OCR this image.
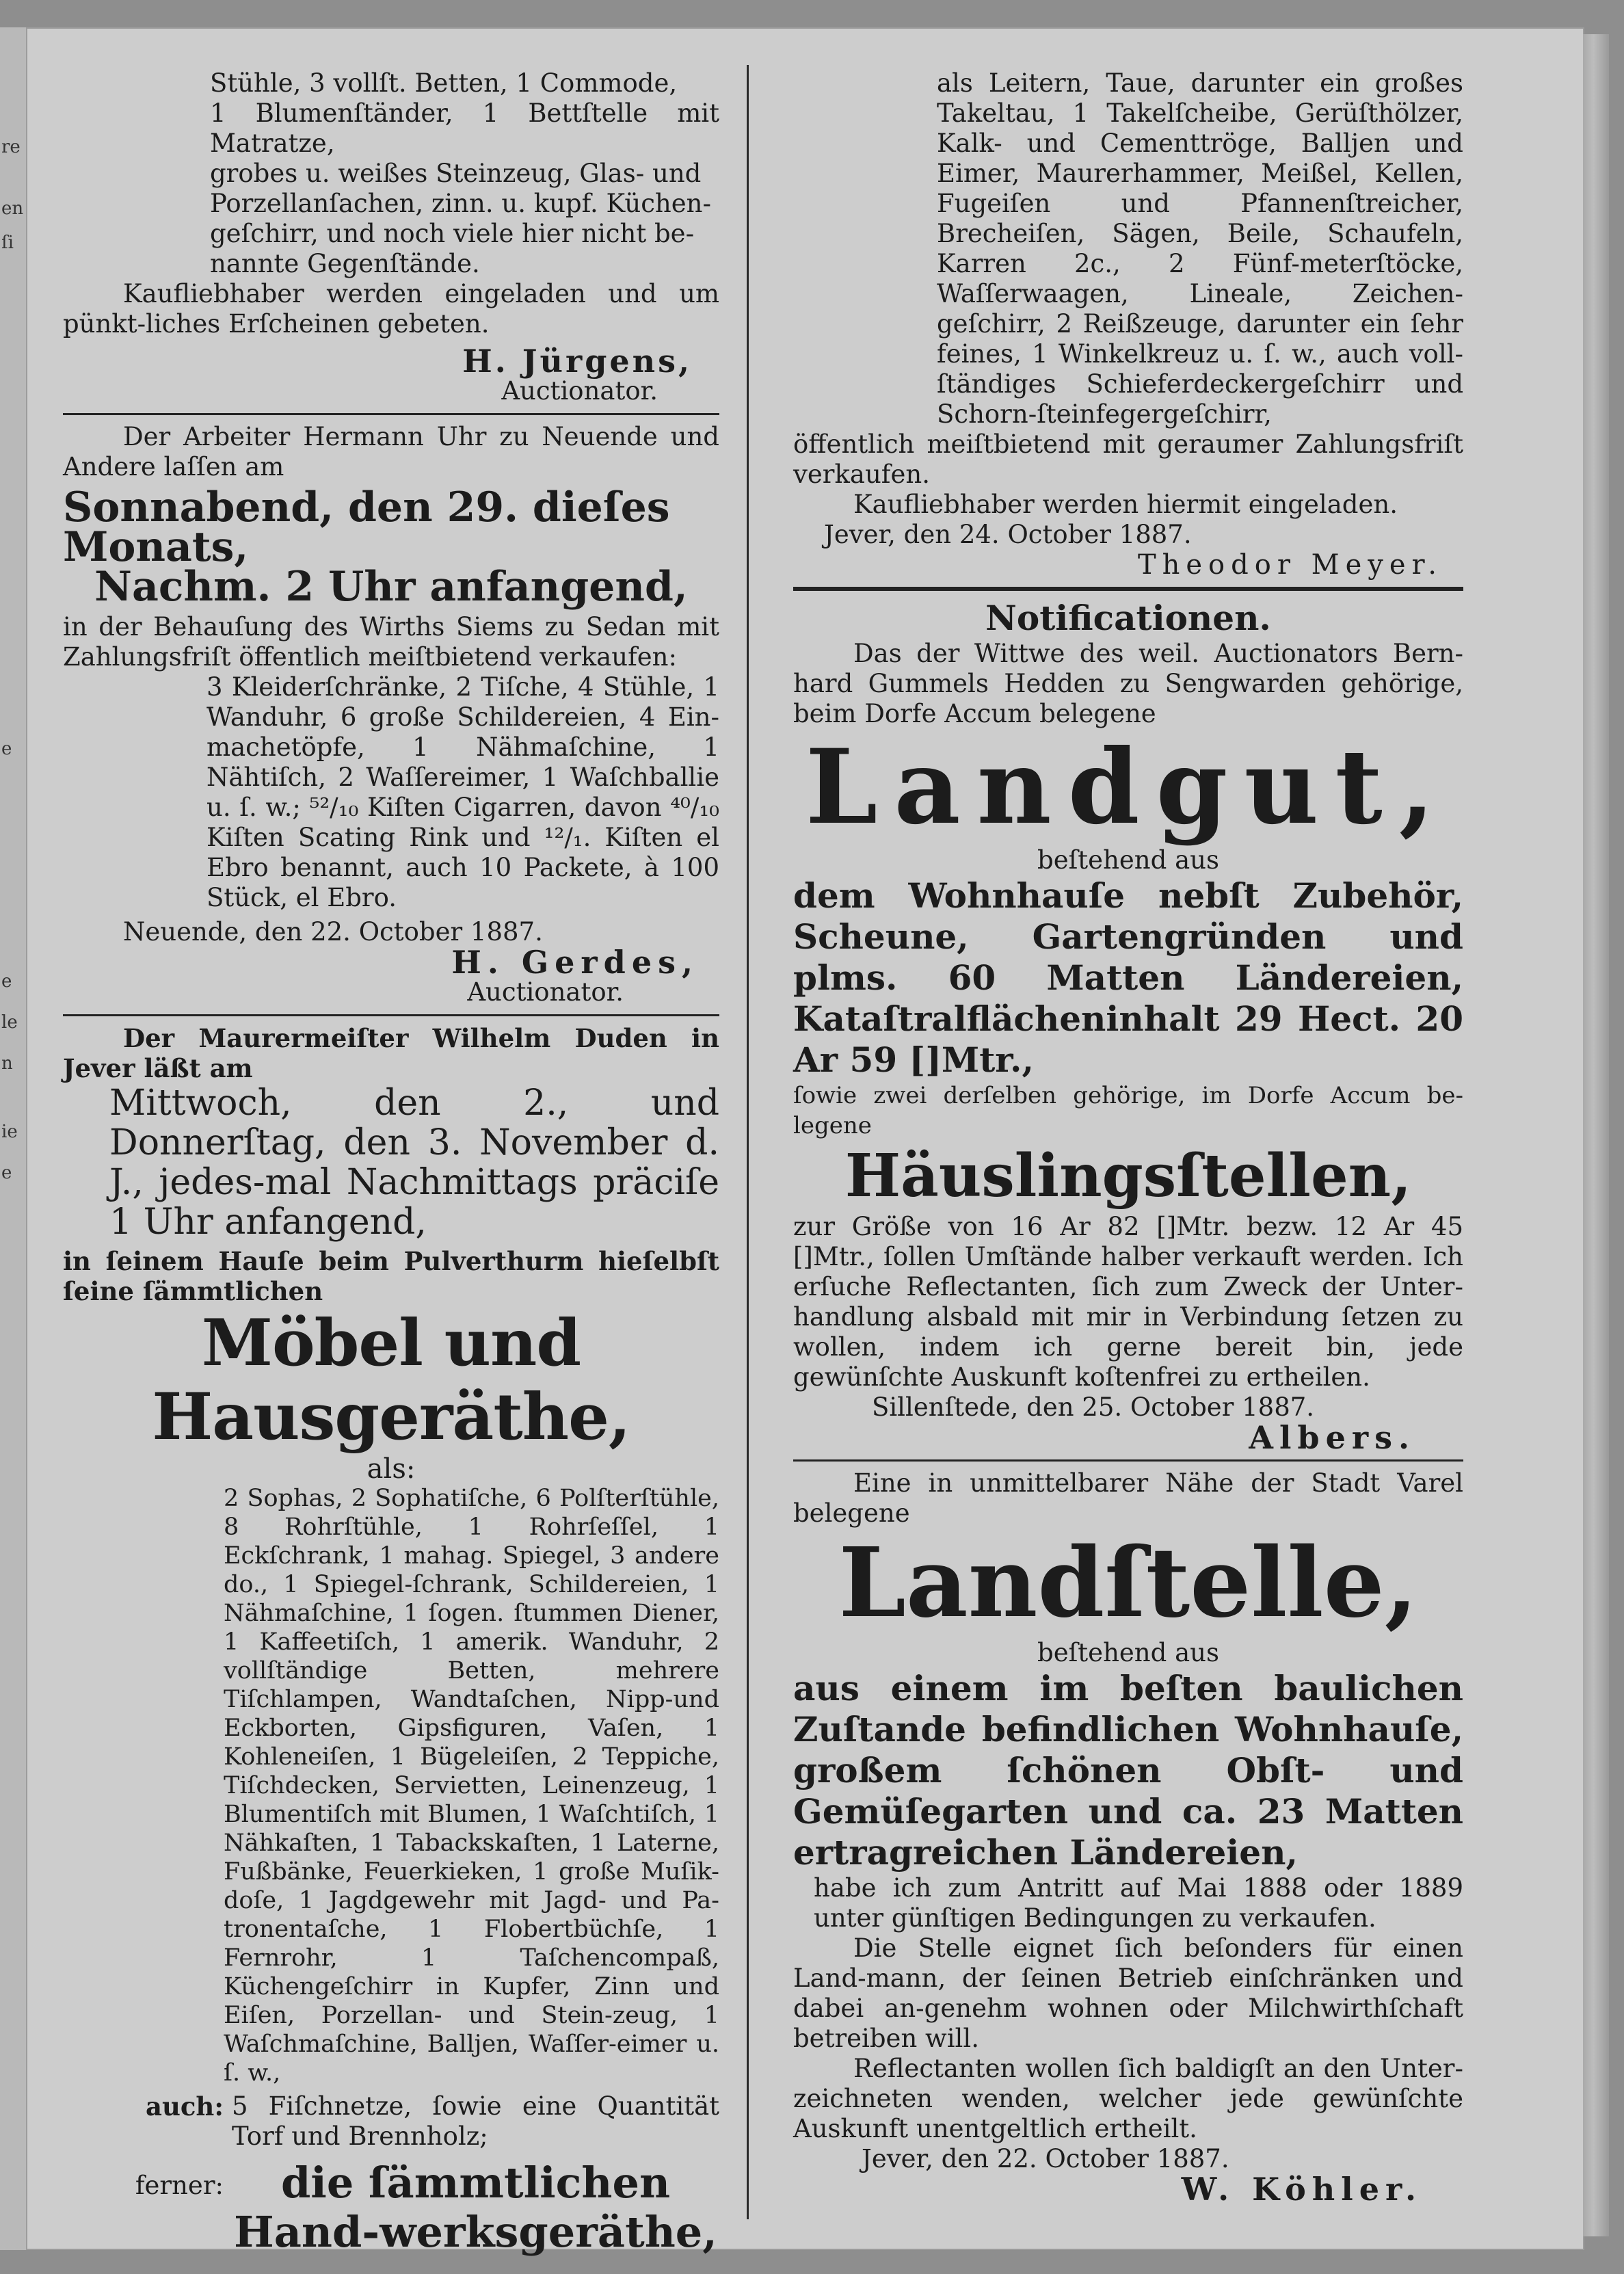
re
en
ſi
e
e
le
n
ie
e

Stühle, 3 vollſt. Betten, 1 Commode,

1 Blumenſtänder, 1 Bettſtelle mit Matratze,

grobes u. weißes Steinzeug, Glas- und

Porzellanſachen, zinn. u. kupf. Küchen-

geſchirr, und noch viele hier nicht be-

nannte Gegenſtände.

Kaufliebhaber werden eingeladen und um pünkt-liches Erſcheinen gebeten.

H. Jürgens,

Auctionator.

Der Arbeiter Hermann Uhr zu Neuende und Andere laſſen am

Sonnabend, den 29. dieſes Monats,

Nachm. 2 Uhr anfangend,

in der Behauſung des Wirths Siems zu Sedan mit Zahlungsfriſt öffentlich meiſtbietend verkaufen:

3 Kleiderſchränke, 2 Tiſche, 4 Stühle, 1 Wanduhr, 6 große Schildereien, 4 Ein-machetöpfe, 1 Nähmaſchine, 1 Nähtiſch, 2 Waſſereimer, 1 Waſchballie u. ſ. w.; ⁵²/₁₀ Kiſten Cigarren, davon ⁴⁰/₁₀ Kiſten Scating Rink und ¹²/₁. Kiſten el Ebro benannt, auch 10 Packete, à 100 Stück, el Ebro.

Neuende, den 22. October 1887.

H. Gerdes,

Auctionator.

Der Maurermeiſter Wilhelm Duden in Jever läßt am

Mittwoch, den 2., und Donnerſtag, den 3. November d. J., jedes-mal Nachmittags präciſe 1 Uhr anfangend,

in ſeinem Hauſe beim Pulverthurm hieſelbſt ſeine ſämmtlichen

Möbel und Hausgeräthe,

als:

2 Sophas, 2 Sophatiſche, 6 Polſterſtühle, 8 Rohrſtühle, 1 Rohrſeſſel, 1 Eckſchrank, 1 mahag. Spiegel, 3 andere do., 1 Spiegel-ſchrank, Schildereien, 1 Nähmaſchine, 1 ſogen. ſtummen Diener, 1 Kaffeetiſch, 1 amerik. Wanduhr, 2 vollſtändige Betten, mehrere Tiſchlampen, Wandtaſchen, Nipp-und Eckborten, Gipsfiguren, Vaſen, 1 Kohleneiſen, 1 Bügeleiſen, 2 Teppiche, Tiſchdecken, Servietten, Leinenzeug, 1 Blumentiſch mit Blumen, 1 Waſchtiſch, 1 Nähkaſten, 1 Tabackskaſten, 1 Laterne, Fußbänke, Feuerkieken, 1 große Muſik-doſe, 1 Jagdgewehr mit Jagd- und Pa-tronentaſche, 1 Flobertbüchſe, 1 Fernrohr, 1 Taſchencompaß, Küchengeſchirr in Kupfer, Zinn und Eiſen, Porzellan- und Stein-zeug, 1 Waſchmaſchine, Balljen, Waſſer-eimer u. ſ. w.,

auch: 5 Fiſchnetze, ſowie eine Quantität Torf und Brennholz;
ferner:	die ſämmtlichen Hand-werksgeräthe,

als Leitern, Taue, darunter ein großes Takeltau, 1 Takelſcheibe, Gerüſthölzer, Kalk- und Cementtröge, Balljen und Eimer, Maurerhammer, Meißel, Kellen, Fugeiſen und Pfannenſtreicher, Brecheiſen, Sägen, Beile, Schaufeln, Karren 2c., 2 Fünf-meterſtöcke, Waſſerwaagen, Lineale, Zeichen-geſchirr, 2 Reißzeuge, darunter ein ſehr feines, 1 Winkelkreuz u. ſ. w., auch voll-ſtändiges Schieferdeckergeſchirr und Schorn-ſteinfegergeſchirr,

öffentlich meiſtbietend mit geraumer Zahlungsfriſt verkaufen.

Kaufliebhaber werden hiermit eingeladen.

Jever, den 24. October 1887.

Theodor Meyer.

Notificationen.

Das der Wittwe des weil. Auctionators Bern-hard Gummels Hedden zu Sengwarden gehörige, beim Dorfe Accum belegene

Landgut,

beſtehend aus

dem Wohnhauſe nebſt Zubehör, Scheune, Gartengründen und plms. 60 Matten Ländereien, Kataſtralflächeninhalt 29 Hect. 20 Ar 59 []Mtr.,

ſowie zwei derſelben gehörige, im Dorfe Accum be-legene

Häuslingsſtellen,

zur Größe von 16 Ar 82 []Mtr. bezw. 12 Ar 45 []Mtr., ſollen Umſtände halber verkauft werden. Ich erſuche Reflectanten, ſich zum Zweck der Unter-handlung alsbald mit mir in Verbindung ſetzen zu wollen, indem ich gerne bereit bin, jede gewünſchte Auskunft koſtenfrei zu ertheilen.

Sillenſtede, den 25. October 1887.

Albers.

Eine in unmittelbarer Nähe der Stadt Varel belegene

Landſtelle,

beſtehend aus

aus einem im beſten baulichen Zuſtande befindlichen Wohnhauſe, großem ſchönen Obſt- und Gemüſegarten und ca. 23 Matten ertragreichen Ländereien,

habe ich zum Antritt auf Mai 1888 oder 1889 unter günſtigen Bedingungen zu verkaufen.

Die Stelle eignet ſich beſonders für einen Land-mann, der ſeinen Betrieb einſchränken und dabei an-genehm wohnen oder Milchwirthſchaft betreiben will.

Reflectanten wollen ſich baldigſt an den Unter-zeichneten wenden, welcher jede gewünſchte Auskunft unentgeltlich ertheilt.

Jever, den 22. October 1887.

W. Köhler.
